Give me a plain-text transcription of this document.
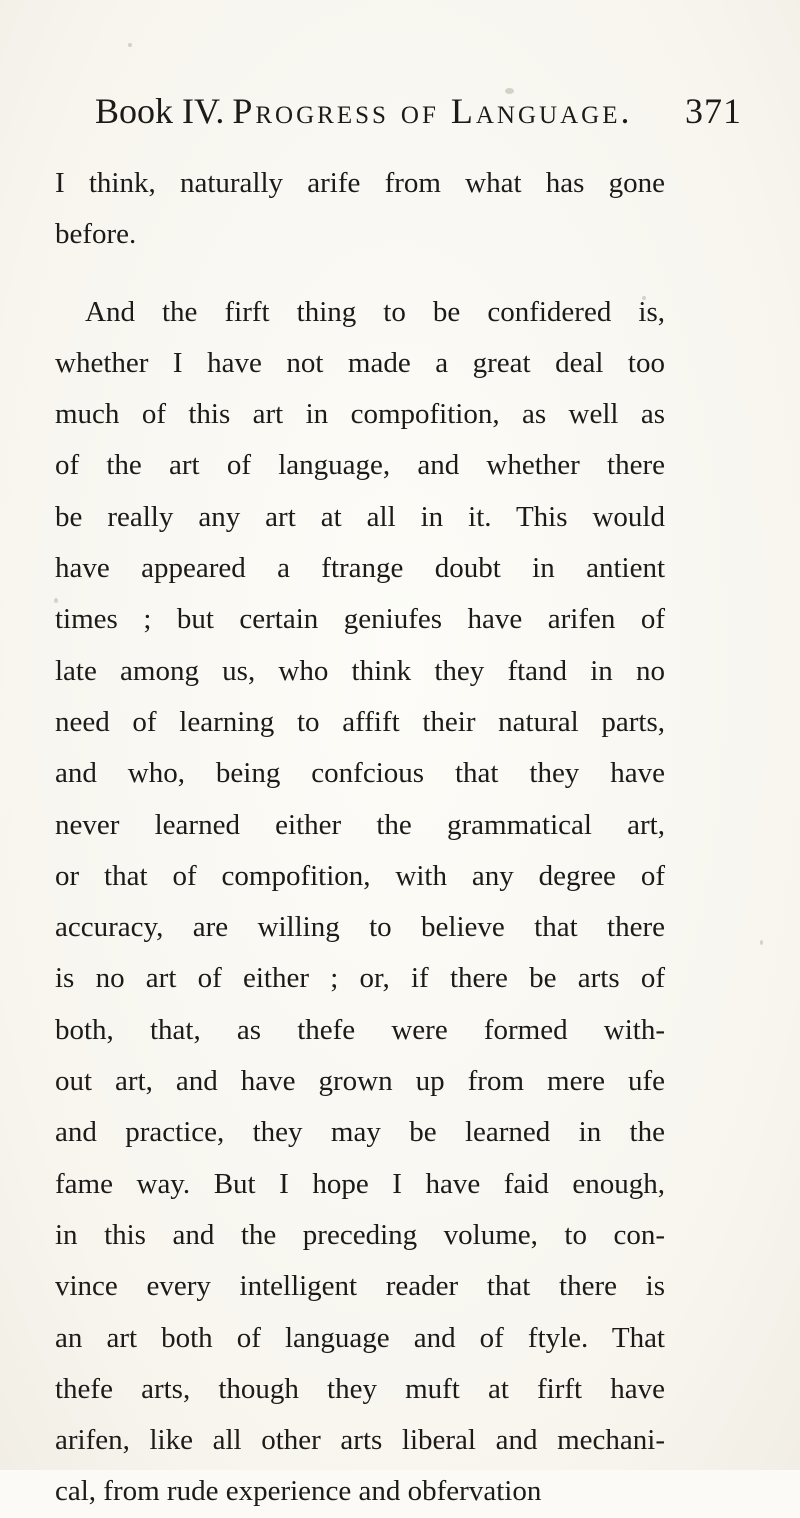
Book IV. Progress of Language. 371
I think, naturally arife from what has gone
before.
And the firft thing to be confidered is,
whether I have not made a great deal too
much of this art in compofition, as well as
of the art of language, and whether there
be really any art at all in it. This would
have appeared a ftrange doubt in antient
times ; but certain geniufes have arifen of
late among us, who think they ftand in no
need of learning to affift their natural parts,
and who, being confcious that they have
never learned either the grammatical art,
or that of compofition, with any degree of
accuracy, are willing to believe that there
is no art of either ; or, if there be arts of
both, that, as thefe were formed with-
out art, and have grown up from mere ufe
and practice, they may be learned in the
fame way. But I hope I have faid enough,
in this and the preceding volume, to con-
vince every intelligent reader that there is
an art both of language and of ftyle. That
thefe arts, though they muft at firft have
arifen, like all other arts liberal and mechani-
cal, from rude experience and obfervation
